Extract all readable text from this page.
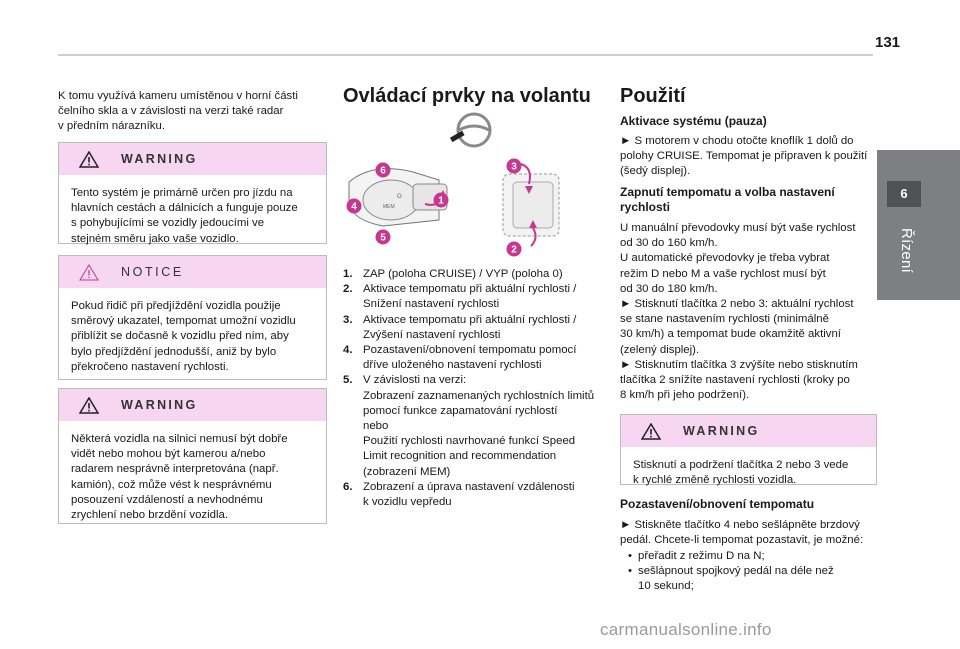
131
6
Řízení

K tomu využívá kameru umístěnou v horní části
čelního skla a v závislosti na verzi také radar
v předním nárazníku.

WARNING
Tento systém je primárně určen pro jízdu na
hlavních cestách a dálnicích a funguje pouze
s pohybujícími se vozidly jedoucími ve
stejném směru jako vaše vozidlo.
NOTICE
Pokud řidič při předjíždění vozidla použije
směrový ukazatel, tempomat umožní vozidlu
přiblížit se dočasně k vozidlu před ním, aby
bylo předjíždění jednodušší, aniž by bylo
překročeno nastavení rychlosti.
WARNING
Některá vozidla na silnici nemusí být dobře
vidět nebo mohou být kamerou a/nebo
radarem nesprávně interpretována (např.
kamión), což může vést k nesprávnému
posouzení vzdáleností a nevhodnému
zrychlení nebo brzdění vozidla.
Ovládací prvky na volantu
O
MEM
6
4
5
1
3
2
1. ZAP (poloha CRUISE) / VYP (poloha 0)
2. Aktivace tempomatu při aktuální rychlosti /
Snížení nastavení rychlosti
3. Aktivace tempomatu při aktuální rychlosti /
Zvýšení nastavení rychlosti
4. Pozastavení/obnovení tempomatu pomocí
dříve uloženého nastavení rychlosti
5. V závislosti na verzi:
Zobrazení zaznamenaných rychlostních limitů
pomocí funkce zapamatování rychlostí
nebo
Použití rychlosti navrhované funkcí Speed
Limit recognition and recommendation
(zobrazení MEM)
6. Zobrazení a úprava nastavení vzdálenosti
k vozidlu vepředu
Použití
Aktivace systému (pauza)

► S motorem v chodu otočte knoflík 1 dolů do
polohy CRUISE. Tempomat je připraven k použití
(šedý displej).

Zapnutí tempomatu a volba nastavení
rychlosti

U manuální převodovky musí být vaše rychlost
od 30 do 160 km/h.
U automatické převodovky je třeba vybrat
režim D nebo M a vaše rychlost musí být
od 30 do 180 km/h.
► Stisknutí tlačítka 2 nebo 3: aktuální rychlost
se stane nastavením rychlosti (minimálně
30 km/h) a tempomat bude okamžitě aktivní
(zelený displej).
► Stisknutím tlačítka 3 zvýšíte nebo stisknutím
tlačítka 2 snížíte nastavení rychlosti (kroky po
8 km/h při jeho podržení).

WARNING
Stisknutí a podržení tlačítka 2 nebo 3 vede
k rychlé změně rychlosti vozidla.
Pozastavení/obnovení tempomatu

► Stiskněte tlačítko 4 nebo sešlápněte brzdový
pedál. Chcete-li tempomat pozastavit, je možné:

• přeřadit z režimu D na N;
• sešlápnout spojkový pedál na déle než
10 sekund;
carmanualsonline.info
